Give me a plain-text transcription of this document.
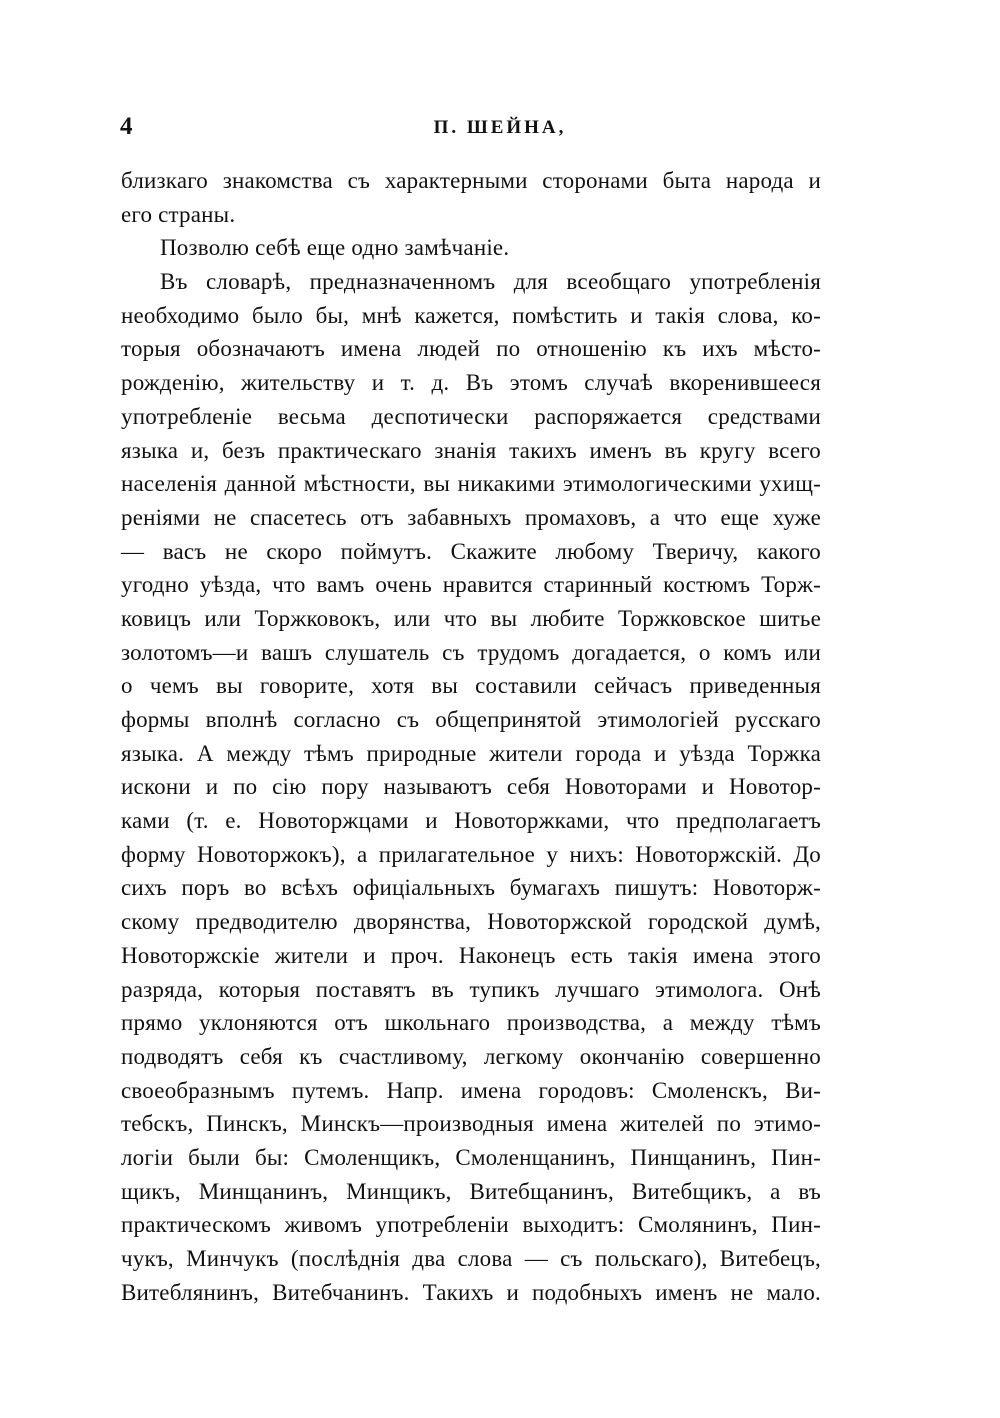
4	П. ШЕЙНА,
близкаго знакомства съ характерными сторонами быта народа и
его страны.
Позволю себѣ еще одно замѣчаніе.
Въ словарѣ, предназначенномъ для всеобщаго употребленія
необходимо было бы, мнѣ кажется, помѣстить и такія слова, ко-
торыя обозначаютъ имена людей по отношенію къ ихъ мѣсто-
рожденію, жительству и т. д. Въ этомъ случаѣ вкоренившееся
употребленіе весьма деспотически распоряжается средствами
языка и, безъ практическаго знанія такихъ именъ въ кругу всего
населенія данной мѣстности, вы никакими этимологическими ухищ-
реніями не спасетесь отъ забавныхъ промаховъ, а что еще хуже
— васъ не скоро поймутъ. Скажите любому Тверичу, какого
угодно уѣзда, что вамъ очень нравится старинный костюмъ Торж-
ковицъ или Торжковокъ, или что вы любите Торжковское шитье
золотомъ—и вашъ слушатель съ трудомъ догадается, о комъ или
о чемъ вы говорите, хотя вы составили сейчасъ приведенныя
формы вполнѣ согласно съ общепринятой этимологіей русскаго
языка. А между тѣмъ природные жители города и уѣзда Торжка
искони и по сію пору называютъ себя Новоторами и Новотор-
ками (т. е. Новоторжцами и Новоторжками, что предполагаетъ
форму Новоторжокъ), а прилагательное у нихъ: Новоторжскій. До
сихъ поръ во всѣхъ офиціальныхъ бумагахъ пишутъ: Новоторж-
скому предводителю дворянства, Новоторжской городской думѣ,
Новоторжскіе жители и проч. Наконецъ есть такія имена этого
разряда, которыя поставятъ въ тупикъ лучшаго этимолога. Онѣ
прямо уклоняются отъ школьнаго производства, а между тѣмъ
подводятъ себя къ счастливому, легкому окончанію совершенно
своеобразнымъ путемъ. Напр. имена городовъ: Смоленскъ, Ви-
тебскъ, Пинскъ, Минскъ—производныя имена жителей по этимо-
логіи были бы: Смоленщикъ, Смоленщанинъ, Пинщанинъ, Пин-
щикъ, Минщанинъ, Минщикъ, Витебщанинъ, Витебщикъ, а въ
практическомъ живомъ употребленіи выходитъ: Смолянинъ, Пин-
чукъ, Минчукъ (послѣднія два слова — съ польскаго), Витебецъ,
Витеблянинъ, Витебчанинъ. Такихъ и подобныхъ именъ не мало.
